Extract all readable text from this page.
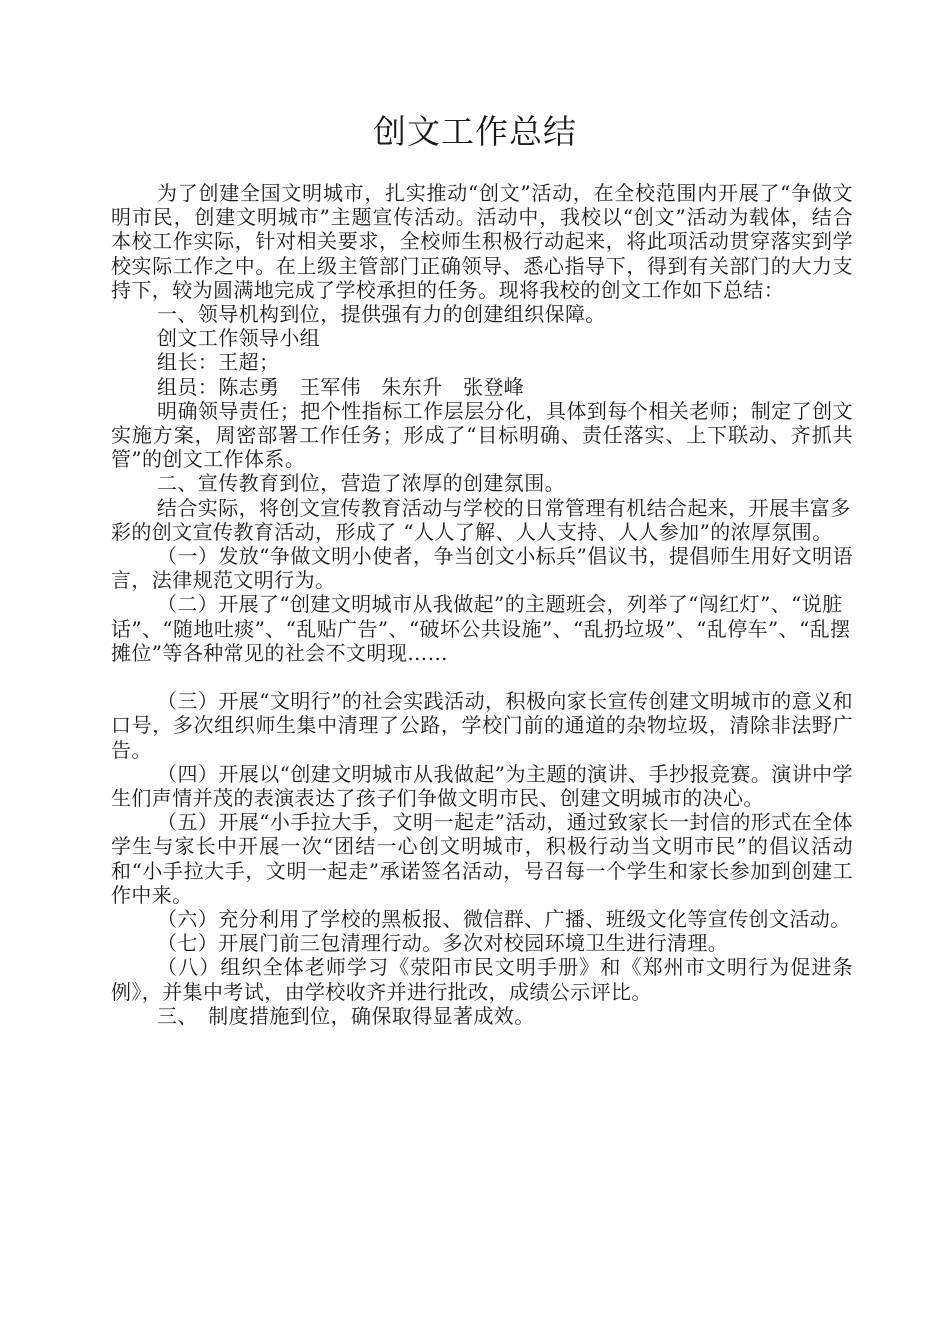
创文工作总结

为了创建全国文明城市，扎实推动“创文”活动，在全校范围内开展了“争做文明市民，创建文明城市”主题宣传活动。活动中，我校以“创文”活动为载体，结合本校工作实际，针对相关要求，全校师生积极行动起来，将此项活动贯穿落实到学校实际工作之中。在上级主管部门正确领导、悉心指导下，得到有关部门的大力支持下，较为圆满地完成了学校承担的任务。现将我校的创文工作如下总结：

一、领导机构到位，提供强有力的创建组织保障。

创文工作领导小组

组长：王超；

组员：陈志勇　王军伟　朱东升　张登峰

明确领导责任；把个性指标工作层层分化，具体到每个相关老师；制定了创文实施方案，周密部署工作任务；形成了“目标明确、责任落实、上下联动、齐抓共管”的创文工作体系。

二、宣传教育到位，营造了浓厚的创建氛围。

结合实际，将创文宣传教育活动与学校的日常管理有机结合起来，开展丰富多彩的创文宣传教育活动，形成了 “人人了解、人人支持、人人参加”的浓厚氛围。

（一）发放“争做文明小使者，争当创文小标兵”倡议书，提倡师生用好文明语言，法律规范文明行为。

（二）开展了“创建文明城市从我做起”的主题班会，列举了“闯红灯”、“说脏话”、“随地吐痰”、“乱贴广告”、“破坏公共设施”、“乱扔垃圾”、“乱停车”、“乱摆摊位”等各种常见的社会不文明现……

（三）开展“文明行”的社会实践活动，积极向家长宣传创建文明城市的意义和口号，多次组织师生集中清理了公路，学校门前的通道的杂物垃圾，清除非法野广告。

（四）开展以“创建文明城市从我做起”为主题的演讲、手抄报竞赛。演讲中学生们声情并茂的表演表达了孩子们争做文明市民、创建文明城市的决心。

（五）开展“小手拉大手，文明一起走”活动，通过致家长一封信的形式在全体学生与家长中开展一次“团结一心创文明城市，积极行动当文明市民”的倡议活动和“小手拉大手，文明一起走”承诺签名活动，号召每一个学生和家长参加到创建工作中来。

（六）充分利用了学校的黑板报、微信群、广播、班级文化等宣传创文活动。

（七）开展门前三包清理行动。多次对校园环境卫生进行清理。

（八）组织全体老师学习《荥阳市民文明手册》和《郑州市文明行为促进条例》，并集中考试，由学校收齐并进行批改，成绩公示评比。

三、　制度措施到位，确保取得显著成效。
